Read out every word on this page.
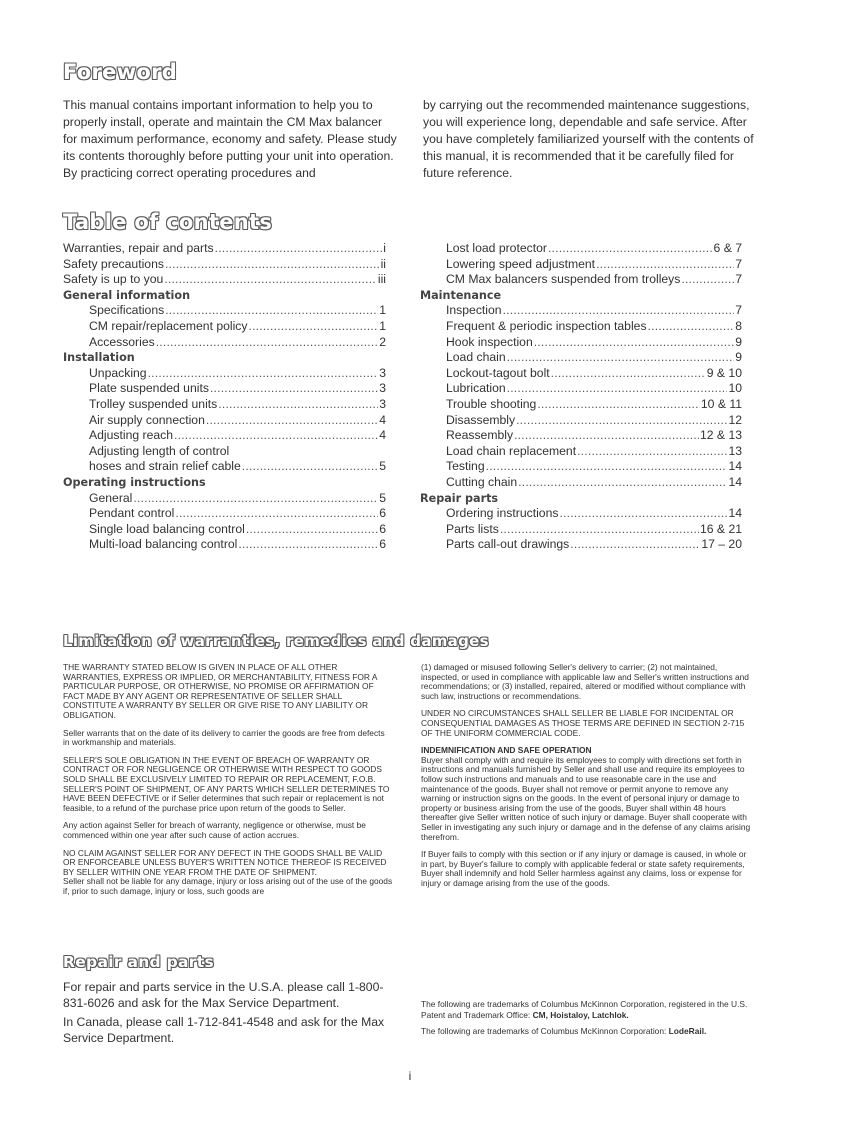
Foreword

This manual contains important information to help you to properly install, operate and maintain the CM Max balancer for maximum performance, economy and safety. Please study its contents thoroughly before putting your unit into operation. By practicing correct operating procedures and

by carrying out the recommended maintenance suggestions, you will experience long, dependable and safe service. After you have completely familiarized yourself with the contents of this manual, it is recommended that it be carefully filed for future reference.

Table of contents
Warranties, repair and parts .....	i
Safety precautions .....	ii
Safety is up to you .....	iii
General information
Specifications .....	1
CM repair/replacement policy .....	1
Accessories .....	2
Installation
Unpacking .....	3
Plate suspended units .....	3
Trolley suspended units .....	3
Air supply connection .....	4
Adjusting reach .....	4
Adjusting length of control
hoses and strain relief cable .....	5
Operating instructions
General .....	5
Pendant control .....	6
Single load balancing control .....	6
Multi-load balancing control .....	6
Lost load protector .....	6 & 7
Lowering speed adjustment .....	7
CM Max balancers suspended from trolleys .....	7
Maintenance
Inspection .....	7
Frequent & periodic inspection tables .....	8
Hook inspection .....	9
Load chain .....	9
Lockout-tagout bolt .....	9 & 10
Lubrication .....	10
Trouble shooting .....	10 & 11
Disassembly .....	12
Reassembly .....	12 & 13
Load chain replacement .....	13
Testing .....	14
Cutting chain .....	14
Repair parts
Ordering instructions .....	14
Parts lists .....	16 & 21
Parts call-out drawings .....	17 – 20
Limitation of warranties, remedies and damages

THE WARRANTY STATED BELOW IS GIVEN IN PLACE OF ALL OTHER WARRANTIES, EXPRESS OR IMPLIED, OR MERCHANTABILITY, FITNESS FOR A PARTICULAR PURPOSE, OR OTHERWISE, NO PROMISE OR AFFIRMATION OF FACT MADE BY ANY AGENT OR REPRESENTATIVE OF SELLER SHALL CONSTITUTE A WARRANTY BY SELLER OR GIVE RISE TO ANY LIABILITY OR OBLIGATION.

Seller warrants that on the date of its delivery to carrier the goods are free from defects in workmanship and materials.

SELLER'S SOLE OBLIGATION IN THE EVENT OF BREACH OF WARRANTY OR CONTRACT OR FOR NEGLIGENCE OR OTHERWISE WITH RESPECT TO GOODS SOLD SHALL BE EXCLUSIVELY LIMITED TO REPAIR OR REPLACEMENT, F.O.B. SELLER'S POINT OF SHIPMENT, OF ANY PARTS WHICH SELLER DETERMINES TO HAVE BEEN DEFECTIVE or if Seller determines that such repair or replacement is not feasible, to a refund of the purchase price upon return of the goods to Seller.

Any action against Seller for breach of warranty, negligence or otherwise, must be commenced within one year after such cause of action accrues.

NO CLAIM AGAINST SELLER FOR ANY DEFECT IN THE GOODS SHALL BE VALID OR ENFORCEABLE UNLESS BUYER'S WRITTEN NOTICE THEREOF IS RECEIVED BY SELLER WITHIN ONE YEAR FROM THE DATE OF SHIPMENT.
Seller shall not be liable for any damage, injury or loss arising out of the use of the goods if, prior to such damage, injury or loss, such goods are

(1) damaged or misused following Seller's delivery to carrier; (2) not maintained, inspected, or used in compliance with applicable law and Seller's written instructions and recommendations; or (3) installed, repaired, altered or modified without compliance with such law, instructions or recommendations.

UNDER NO CIRCUMSTANCES SHALL SELLER BE LIABLE FOR INCIDENTAL OR CONSEQUENTIAL DAMAGES AS THOSE TERMS ARE DEFINED IN SECTION 2-715 OF THE UNIFORM COMMERCIAL CODE.

INDEMNIFICATION AND SAFE OPERATION

Buyer shall comply with and require its employees to comply with directions set forth in instructions and manuals furnished by Seller and shall use and require its employees to follow such instructions and manuals and to use reasonable care in the use and maintenance of the goods. Buyer shall not remove or permit anyone to remove any warning or instruction signs on the goods. In the event of personal injury or damage to property or business arising from the use of the goods, Buyer shall within 48 hours thereafter give Seller written notice of such injury or damage. Buyer shall cooperate with Seller in investigating any such injury or damage and in the defense of any claims arising therefrom.

If Buyer fails to comply with this section or if any injury or damage is caused, in whole or in part, by Buyer's failure to comply with applicable federal or state safety requirements, Buyer shall indemnify and hold Seller harmless against any claims, loss or expense for injury or damage arising from the use of the goods.

Repair and parts

For repair and parts service in the U.S.A. please call 1-800-831-6026 and ask for the Max Service Department.

In Canada, please call 1-712-841-4548 and ask for the Max Service Department.

The following are trademarks of Columbus McKinnon Corporation, registered in the U.S. Patent and Trademark Office: CM, Hoistaloy, Latchlok.

The following are trademarks of Columbus McKinnon Corporation: LodeRail.

i
